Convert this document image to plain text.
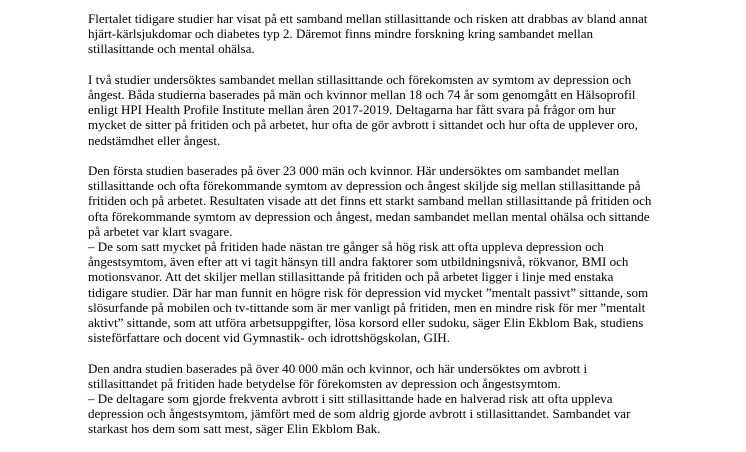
Flertalet tidigare studier har visat på ett samband mellan stillasittande och risken att drabbas av bland annat hjärt-kärlsjukdomar och diabetes typ 2. Däremot finns mindre forskning kring sambandet mellan stillasittande och mental ohälsa.

I två studier undersöktes sambandet mellan stillasittande och förekomsten av symtom av depression och ångest. Båda studierna baserades på män och kvinnor mellan 18 och 74 år som genomgått en Hälsoprofil enligt HPI Health Profile Institute mellan åren 2017-2019. Deltagarna har fått svara på frågor om hur mycket de sitter på fritiden och på arbetet, hur ofta de gör avbrott i sittandet och hur ofta de upplever oro, nedstämdhet eller ångest.

Den första studien baserades på över 23 000 män och kvinnor. Här undersöktes om sambandet mellan stillasittande och ofta förekommande symtom av depression och ångest skiljde sig mellan stillasittande på fritiden och på arbetet. Resultaten visade att det finns ett starkt samband mellan stillasittande på fritiden och ofta förekommande symtom av depression och ångest, medan sambandet mellan mental ohälsa och sittande på arbetet var klart svagare.
– De som satt mycket på fritiden hade nästan tre gånger så hög risk att ofta uppleva depression och ångestsymtom, även efter att vi tagit hänsyn till andra faktorer som utbildningsnivå, rökvanor, BMI och motionsvanor. Att det skiljer mellan stillasittande på fritiden och på arbetet ligger i linje med enstaka tidigare studier. Där har man funnit en högre risk för depression vid mycket ”mentalt passivt” sittande, som slösurfande på mobilen och tv-tittande som är mer vanligt på fritiden, men en mindre risk för mer ”mentalt aktivt” sittande, som att utföra arbetsuppgifter, lösa korsord eller sudoku, säger Elin Ekblom Bak, studiens sisteförfattare och docent vid Gymnastik- och idrottshögskolan, GIH.

Den andra studien baserades på över 40 000 män och kvinnor, och här undersöktes om avbrott i stillasittandet på fritiden hade betydelse för förekomsten av depression och ångestsymtom.
– De deltagare som gjorde frekventa avbrott i sitt stillasittande hade en halverad risk att ofta uppleva depression och ångestsymtom, jämfört med de som aldrig gjorde avbrott i stillasittandet. Sambandet var starkast hos dem som satt mest, säger Elin Ekblom Bak.
